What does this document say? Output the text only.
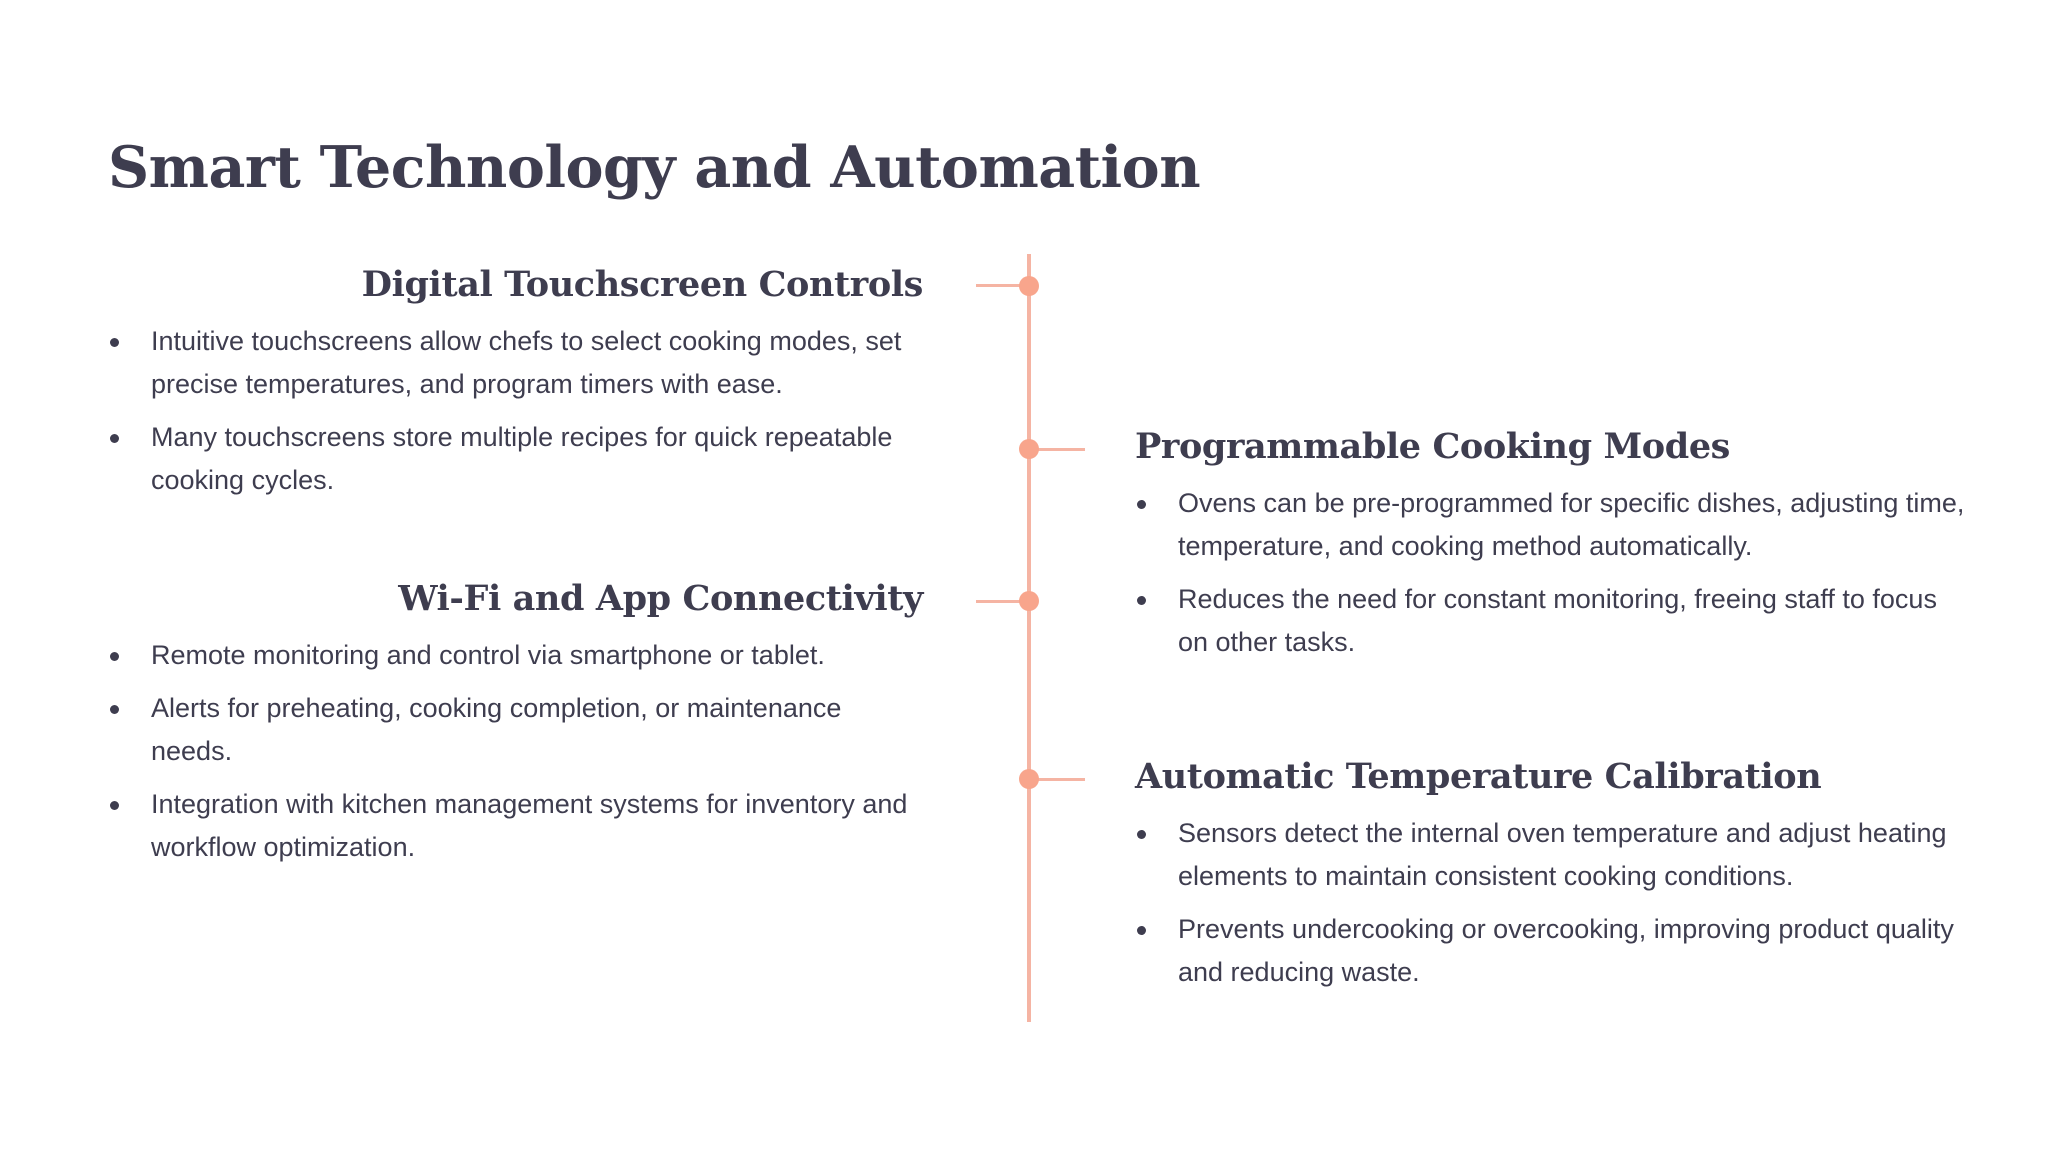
Smart Technology and Automation
Digital Touchscreen Controls
Intuitive touchscreens allow chefs to select cooking modes, set precise temperatures, and program timers with ease.
Many touchscreens store multiple recipes for quick repeatable cooking cycles.
Programmable Cooking Modes
Ovens can be pre-programmed for specific dishes, adjusting time, temperature, and cooking method automatically.
Reduces the need for constant monitoring, freeing staff to focus on other tasks.
Wi-Fi and App Connectivity
Remote monitoring and control via smartphone or tablet.
Alerts for preheating, cooking completion, or maintenance needs.
Integration with kitchen management systems for inventory and workflow optimization.
Automatic Temperature Calibration
Sensors detect the internal oven temperature and adjust heating elements to maintain consistent cooking conditions.
Prevents undercooking or overcooking, improving product quality and reducing waste.
